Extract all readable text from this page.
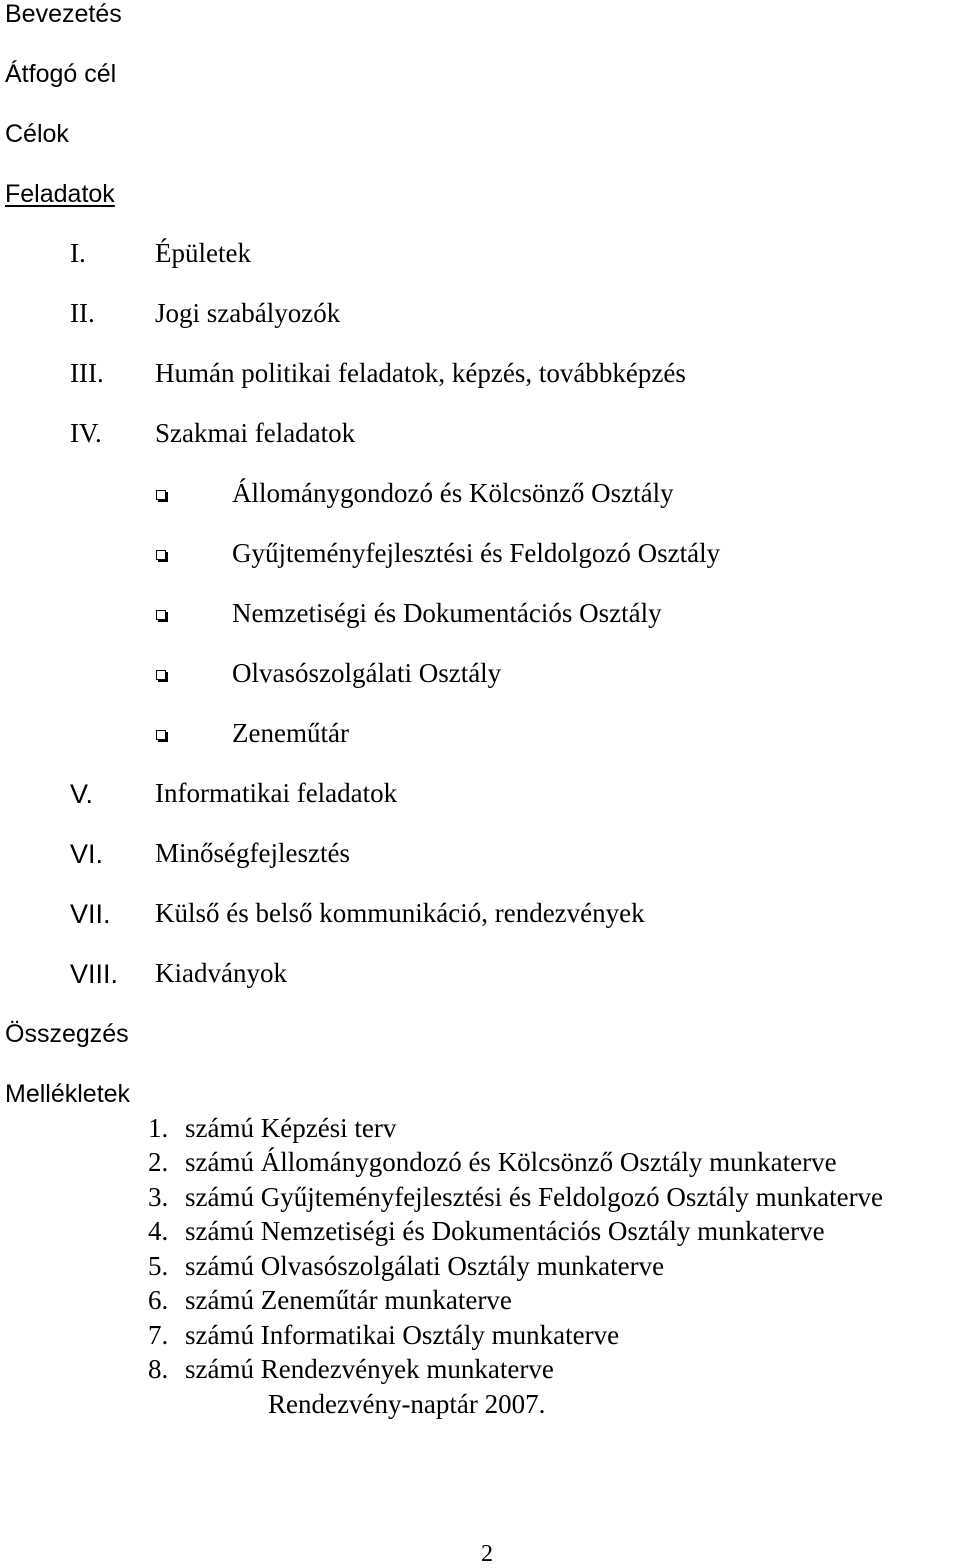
Bevezetés
Átfogó cél
Célok
Feladatok
I.	Épületek
II. Jogi szabályozók
III. Humán politikai feladatok, képzés, továbbképzés
IV. Szakmai feladatok
Állománygondozó és Kölcsönző Osztály
Gyűjteményfejlesztési és Feldolgozó Osztály
Nemzetiségi és Dokumentációs Osztály
Olvasószolgálati Osztály
Zeneműtár
V. Informatikai feladatok
VI. Minőségfejlesztés
VII. Külső és belső kommunikáció, rendezvények
VIII. Kiadványok
Összegzés
Mellékletek
1. számú Képzési terv
2. számú Állománygondozó és Kölcsönző Osztály munkaterve
3. számú Gyűjteményfejlesztési és Feldolgozó Osztály munkaterve
4. számú Nemzetiségi és Dokumentációs Osztály munkaterve
5. számú Olvasószolgálati Osztály munkaterve
6. számú Zeneműtár munkaterve
7. számú Informatikai Osztály munkaterve
8. számú Rendezvények munkaterve
Rendezvény-naptár 2007.
2
